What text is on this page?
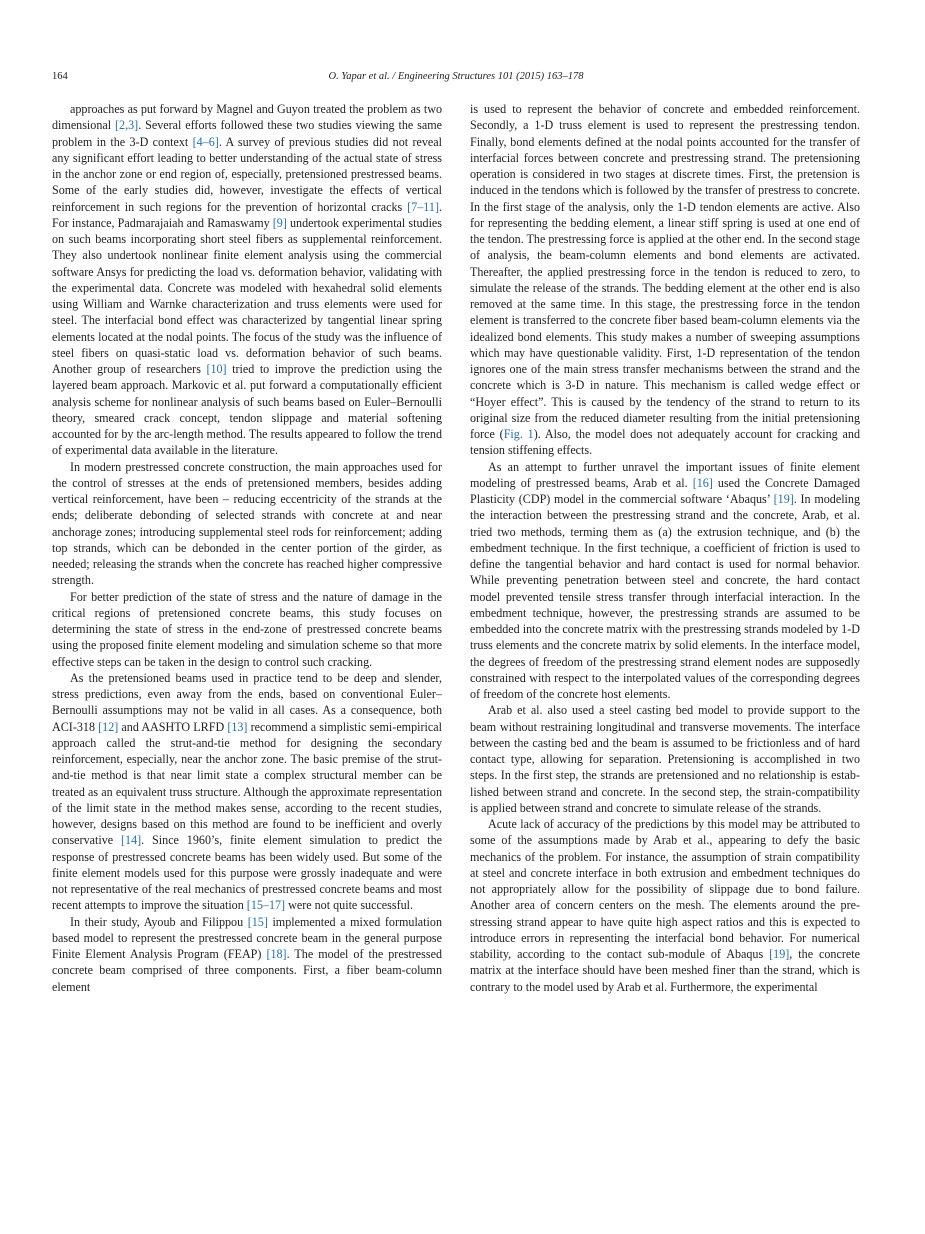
164	O. Yapar et al. / Engineering Structures 101 (2015) 163–178

approaches as put forward by Magnel and Guyon treated the problem as two dimensional [2,3]. Several efforts followed these two studies viewing the same problem in the 3-D context [4–6]. A survey of previous studies did not reveal any significant effort leading to better understanding of the actual state of stress in the anchor zone or end region of, especially, pretensioned prestressed beams. Some of the early studies did, however, investigate the effects of vertical reinforcement in such regions for the prevention of horizontal cracks [7–11]. For instance, Padmarajaiah and Ramaswamy [9] undertook experimental studies on such beams incorporating short steel fibers as supplemental reinforcement. They also undertook nonlinear finite element analysis using the commercial software Ansys for predicting the load vs. deformation behavior, validating with the experimental data. Concrete was modeled with hexahedral solid elements using William and Warnke characterization and truss elements were used for steel. The interfacial bond effect was characterized by tangential linear spring elements located at the nodal points. The focus of the study was the influence of steel fibers on quasi-static load vs. deformation behavior of such beams. Another group of researchers [10] tried to improve the prediction using the layered beam approach. Markovic et al. put forward a computationally efficient analysis scheme for nonlinear analysis of such beams based on Euler–Bernoulli theory, smeared crack concept, tendon slippage and material softening accounted for by the arc-length method. The results appeared to follow the trend of experimental data available in the literature.

In modern prestressed concrete construction, the main approaches used for the control of stresses at the ends of pretensioned members, besides adding vertical reinforcement, have been – reducing eccentricity of the strands at the ends; deliberate debonding of selected strands with concrete at and near anchorage zones; introducing supplemental steel rods for reinforcement; adding top strands, which can be debonded in the center portion of the girder, as needed; releasing the strands when the concrete has reached higher compressive strength.

For better prediction of the state of stress and the nature of damage in the critical regions of pretensioned concrete beams, this study focuses on determining the state of stress in the end-zone of prestressed concrete beams using the proposed finite element modeling and simulation scheme so that more effective steps can be taken in the design to control such cracking.

As the pretensioned beams used in practice tend to be deep and slender, stress predictions, even away from the ends, based on conventional Euler–Bernoulli assumptions may not be valid in all cases. As a consequence, both ACI-318 [12] and AASHTO LRFD [13] recommend a simplistic semi-empirical approach called the strut-and-tie method for designing the secondary reinforcement, especially, near the anchor zone. The basic premise of the strut-and-tie method is that near limit state a complex structural member can be treated as an equivalent truss structure. Although the approximate representation of the limit state in the method makes sense, according to the recent studies, however, designs based on this method are found to be inefficient and overly conservative [14]. Since 1960’s, finite element simulation to predict the response of prestressed concrete beams has been widely used. But some of the finite element models used for this purpose were grossly inadequate and were not representative of the real mechanics of prestressed concrete beams and most recent attempts to improve the situation [15–17] were not quite successful.

In their study, Ayoub and Filippou [15] implemented a mixed formulation based model to represent the prestressed concrete beam in the general purpose Finite Element Analysis Program (FEAP) [18]. The model of the prestressed concrete beam comprised of three components. First, a fiber beam-column element

is used to represent the behavior of concrete and embedded reinforcement. Secondly, a 1-D truss element is used to represent the prestressing tendon. Finally, bond elements defined at the nodal points accounted for the transfer of interfacial forces between concrete and prestressing strand. The pretensioning operation is considered in two stages at discrete times. First, the pretension is induced in the tendons which is followed by the transfer of prestress to concrete. In the first stage of the analysis, only the 1-D tendon elements are active. Also for representing the bedding element, a linear stiff spring is used at one end of the tendon. The prestressing force is applied at the other end. In the second stage of analysis, the beam-column elements and bond elements are activated. Thereafter, the applied prestressing force in the tendon is reduced to zero, to simulate the release of the strands. The bedding element at the other end is also removed at the same time. In this stage, the prestressing force in the tendon element is transferred to the concrete fiber based beam-column elements via the idealized bond elements. This study makes a number of sweeping assumptions which may have questionable validity. First, 1-D representation of the tendon ignores one of the main stress transfer mechanisms between the strand and the concrete which is 3-D in nature. This mechanism is called wedge effect or “Hoyer effect”. This is caused by the tendency of the strand to return to its original size from the reduced diameter resulting from the initial pretensioning force (Fig. 1). Also, the model does not adequately account for cracking and tension stiffening effects.

As an attempt to further unravel the important issues of finite element modeling of prestressed beams, Arab et al. [16] used the Concrete Damaged Plasticity (CDP) model in the commercial software ‘Abaqus’ [19]. In modeling the interaction between the prestressing strand and the concrete, Arab, et al. tried two methods, terming them as (a) the extrusion technique, and (b) the embedment technique. In the first technique, a coefficient of friction is used to define the tangential behavior and hard contact is used for normal behavior. While preventing penetration between steel and concrete, the hard contact model prevented tensile stress transfer through interfacial interaction. In the embedment technique, however, the prestressing strands are assumed to be embedded into the concrete matrix with the prestressing strands modeled by 1-D truss elements and the concrete matrix by solid elements. In the interface model, the degrees of freedom of the prestressing strand element nodes are supposedly constrained with respect to the interpolated values of the corresponding degrees of freedom of the concrete host elements.

Arab et al. also used a steel casting bed model to provide support to the beam without restraining longitudinal and transverse movements. The interface between the casting bed and the beam is assumed to be frictionless and of hard contact type, allowing for separation. Pretensioning is accomplished in two steps. In the first step, the strands are pretensioned and no relationship is established between strand and concrete. In the second step, the strain-compatibility is applied between strand and concrete to simulate release of the strands.

Acute lack of accuracy of the predictions by this model may be attributed to some of the assumptions made by Arab et al., appearing to defy the basic mechanics of the problem. For instance, the assumption of strain compatibility at steel and concrete interface in both extrusion and embedment techniques do not appropriately allow for the possibility of slippage due to bond failure. Another area of concern centers on the mesh. The elements around the prestressing strand appear to have quite high aspect ratios and this is expected to introduce errors in representing the interfacial bond behavior. For numerical stability, according to the contact sub-module of Abaqus [19], the concrete matrix at the interface should have been meshed finer than the strand, which is contrary to the model used by Arab et al. Furthermore, the experimental
